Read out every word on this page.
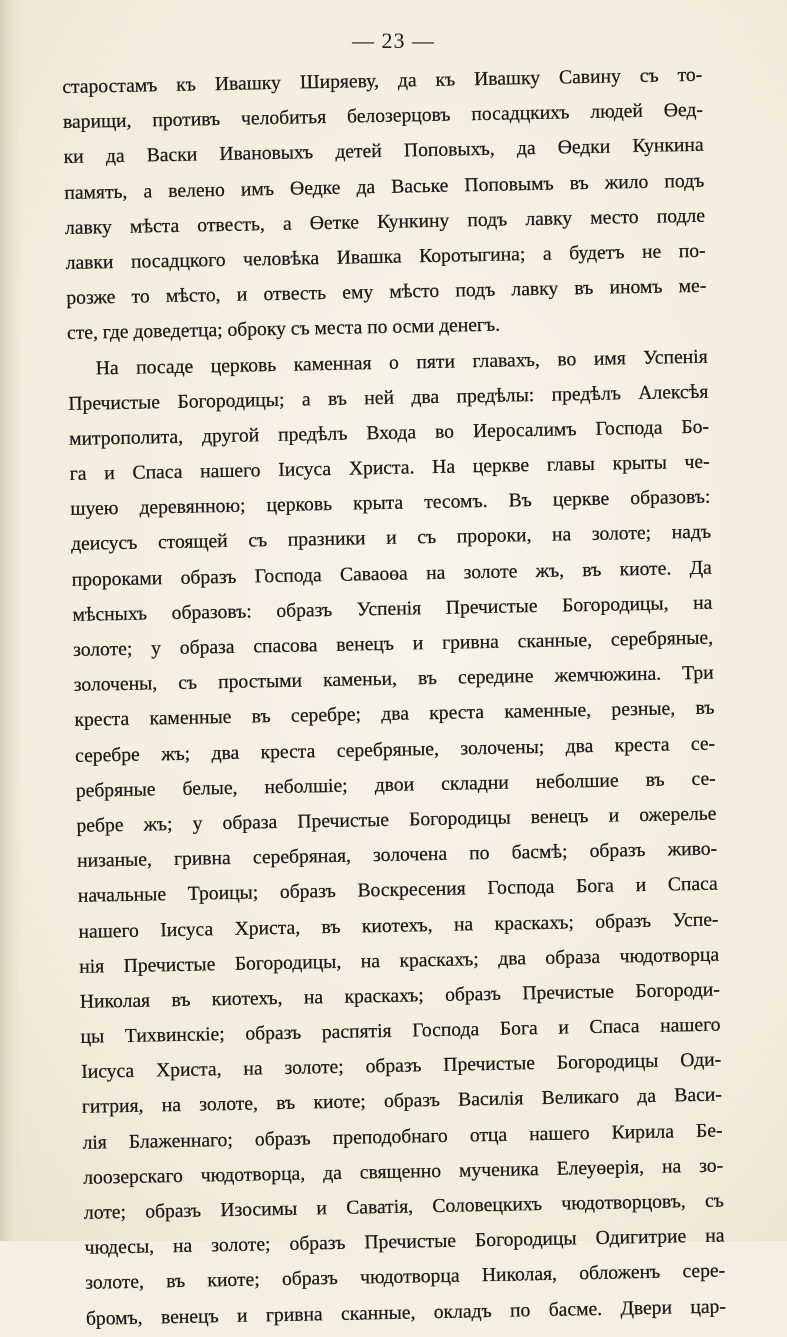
— 23 —
старостамъ къ Ивашку Ширяеву, да къ Ивашку Савину съ то-
варищи, противъ челобитья белозерцовъ посадцкихъ людей Өед-
ки да Васки Ивановыхъ детей Поповыхъ, да Өедки Кункина
память, а велено имъ Өедке да Ваське Поповымъ въ жило подъ
лавку мѣста отвесть, а Өетке Кункину подъ лавку место подле
лавки посадцкого человѣка Ивашка Коротыгина; а будетъ не по-
розже то мѣсто, и отвесть ему мѣсто подъ лавку въ иномъ ме-
сте, где доведетца; оброку съ места по осми денегъ.
На посаде церковь каменная о пяти главахъ, во имя Успенія
Пречистые Богородицы; а въ ней два предѣлы: предѣлъ Алексѣя
митрополита, другой предѣлъ Входа во Иеросалимъ Господа Бо-
га и Спаса нашего Іисуса Христа. На церкве главы крыты че-
шуею деревянною; церковь крыта тесомъ. Въ церкве образовъ:
деисусъ стоящей съ празники и съ пророки, на золоте; надъ
пророками образъ Господа Саваоөа на золоте жъ, въ киоте. Да
мѣсныхъ образовъ: образъ Успенія Пречистые Богородицы, на
золоте; у образа спасова венецъ и гривна сканные, серебряные,
золочены, съ простыми каменьи, въ середине жемчюжина. Три
креста каменные въ серебре; два креста каменные, резные, въ
серебре жъ; два креста серебряные, золочены; два креста се-
ребряные белые, неболшіе; двои складни неболшие въ се-
ребре жъ; у образа Пречистые Богородицы венецъ и ожерелье
низаные, гривна серебряная, золочена по басмѣ; образъ живо-
начальные Троицы; образъ Воскресения Господа Бога и Спаса
нашего Іисуса Христа, въ киотехъ, на краскахъ; образъ Успе-
нія Пречистые Богородицы, на краскахъ; два образа чюдотворца
Николая въ киотехъ, на краскахъ; образъ Пречистые Богороди-
цы Тихвинскіе; образъ распятія Господа Бога и Спаса нашего
Іисуса Христа, на золоте; образъ Пречистые Богородицы Оди-
гитрия, на золоте, въ киоте; образъ Василія Великаго да Васи-
лія Блаженнаго; образъ преподобнаго отца нашего Кирила Бе-
лоозерскаго чюдотворца, да священно мученика Елеуөерія, на зо-
лоте; образъ Изосимы и Саватія, Соловецкихъ чюдотворцовъ, съ
чюдесы, на золоте; образъ Пречистые Богородицы Одигитрие на
золоте, въ киоте; образъ чюдотворца Николая, обложенъ сере-
бромъ, венецъ и гривна сканные, окладъ по басме. Двери цар-
